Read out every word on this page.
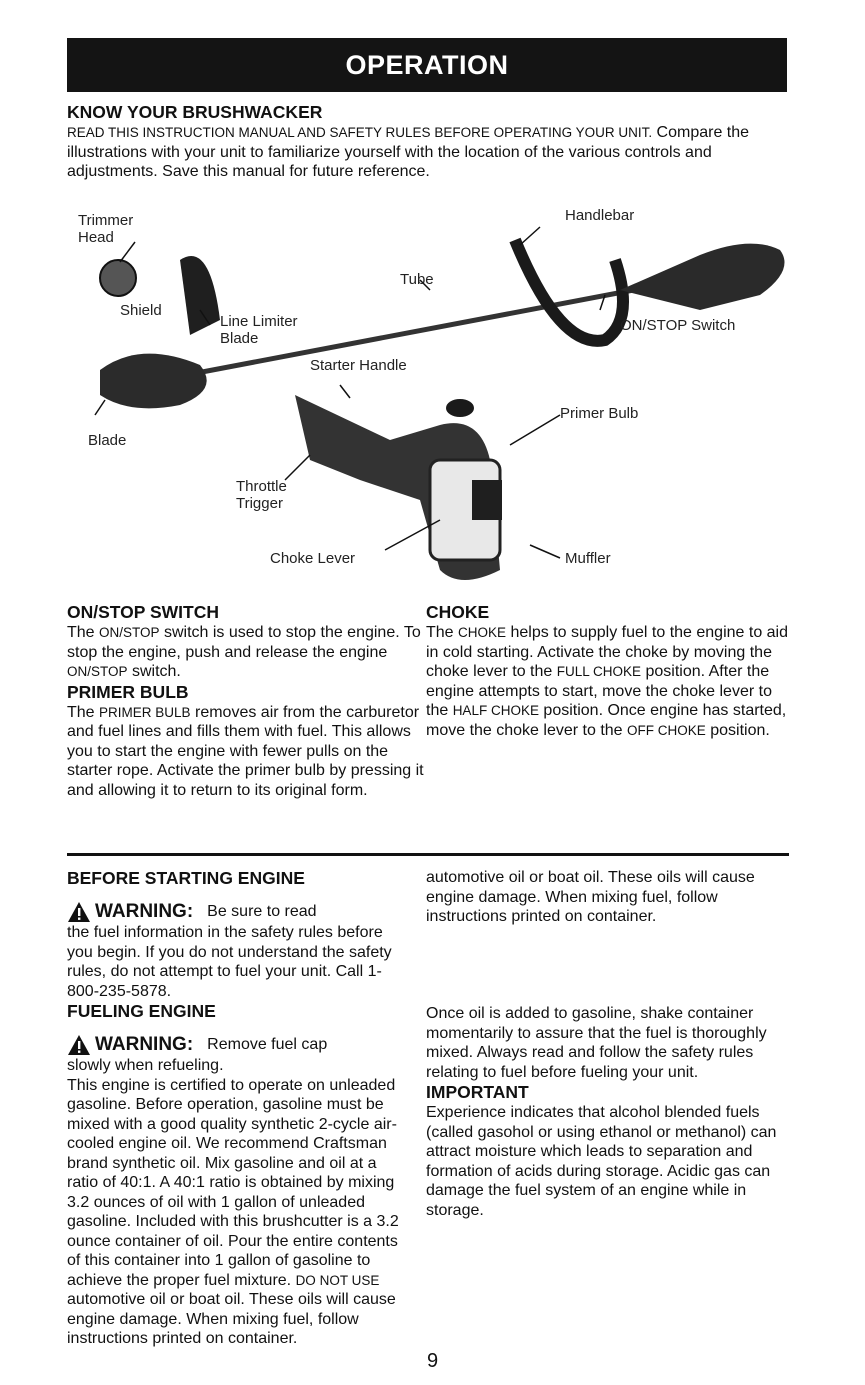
OPERATION
KNOW YOUR BRUSHWACKER
READ THIS INSTRUCTION MANUAL AND SAFETY RULES BEFORE OPERATING YOUR UNIT. Compare the illustrations with your unit to familiarize yourself with the location of the various controls and adjustments. Save this manual for future reference.
Trimmer Head
Shield
Line Limiter Blade
Tube
Handlebar
ON/STOP Switch
Starter Handle
Primer Bulb
Blade
Throttle Trigger
Choke Lever	Muffler
ON/STOP SWITCH
The ON/STOP switch is used to stop the engine. To stop the engine, push and release the engine ON/STOP switch.
PRIMER BULB
The PRIMER BULB removes air from the carburetor and fuel lines and fills them with fuel. This allows you to start the engine with fewer pulls on the starter rope. Activate the primer bulb by pressing it and allowing it to return to its original form.
CHOKE
The CHOKE helps to supply fuel to the engine to aid in cold starting. Activate the choke by moving the choke lever to the FULL CHOKE position. After the engine attempts to start, move the choke lever to the HALF CHOKE position. Once engine has started, move the choke lever to the OFF CHOKE position.
BEFORE STARTING ENGINE
WARNING: Be sure to read
the fuel information in the safety rules before you begin. If you do not understand the safety rules, do not attempt to fuel your unit. Call 1-800-235-5878.
FUELING ENGINE
WARNING: Remove fuel cap
slowly when refueling.
This engine is certified to operate on unleaded gasoline. Before operation, gasoline must be mixed with a good quality synthetic 2-cycle air-cooled engine oil. We recommend Craftsman brand synthetic oil. Mix gasoline and oil at a ratio of 40:1. A 40:1 ratio is obtained by mixing 3.2 ounces of oil with 1 gallon of unleaded gasoline. Included with this brushcutter is a 3.2 ounce container of oil. Pour the entire contents of this container into 1 gallon of gasoline to achieve the proper fuel mixture. DO NOT USE automotive oil or boat oil. These oils will cause engine damage. When mixing fuel, follow instructions printed on container.
automotive oil or boat oil. These oils will cause engine damage. When mixing fuel, follow instructions printed on container.
Once oil is added to gasoline, shake container momentarily to assure that the fuel is thoroughly mixed. Always read and follow the safety rules relating to fuel before fueling your unit.
IMPORTANT
Experience indicates that alcohol blended fuels (called gasohol or using ethanol or methanol) can attract moisture which leads to separation and formation of acids during storage. Acidic gas can damage the fuel system of an engine while in storage.
9
